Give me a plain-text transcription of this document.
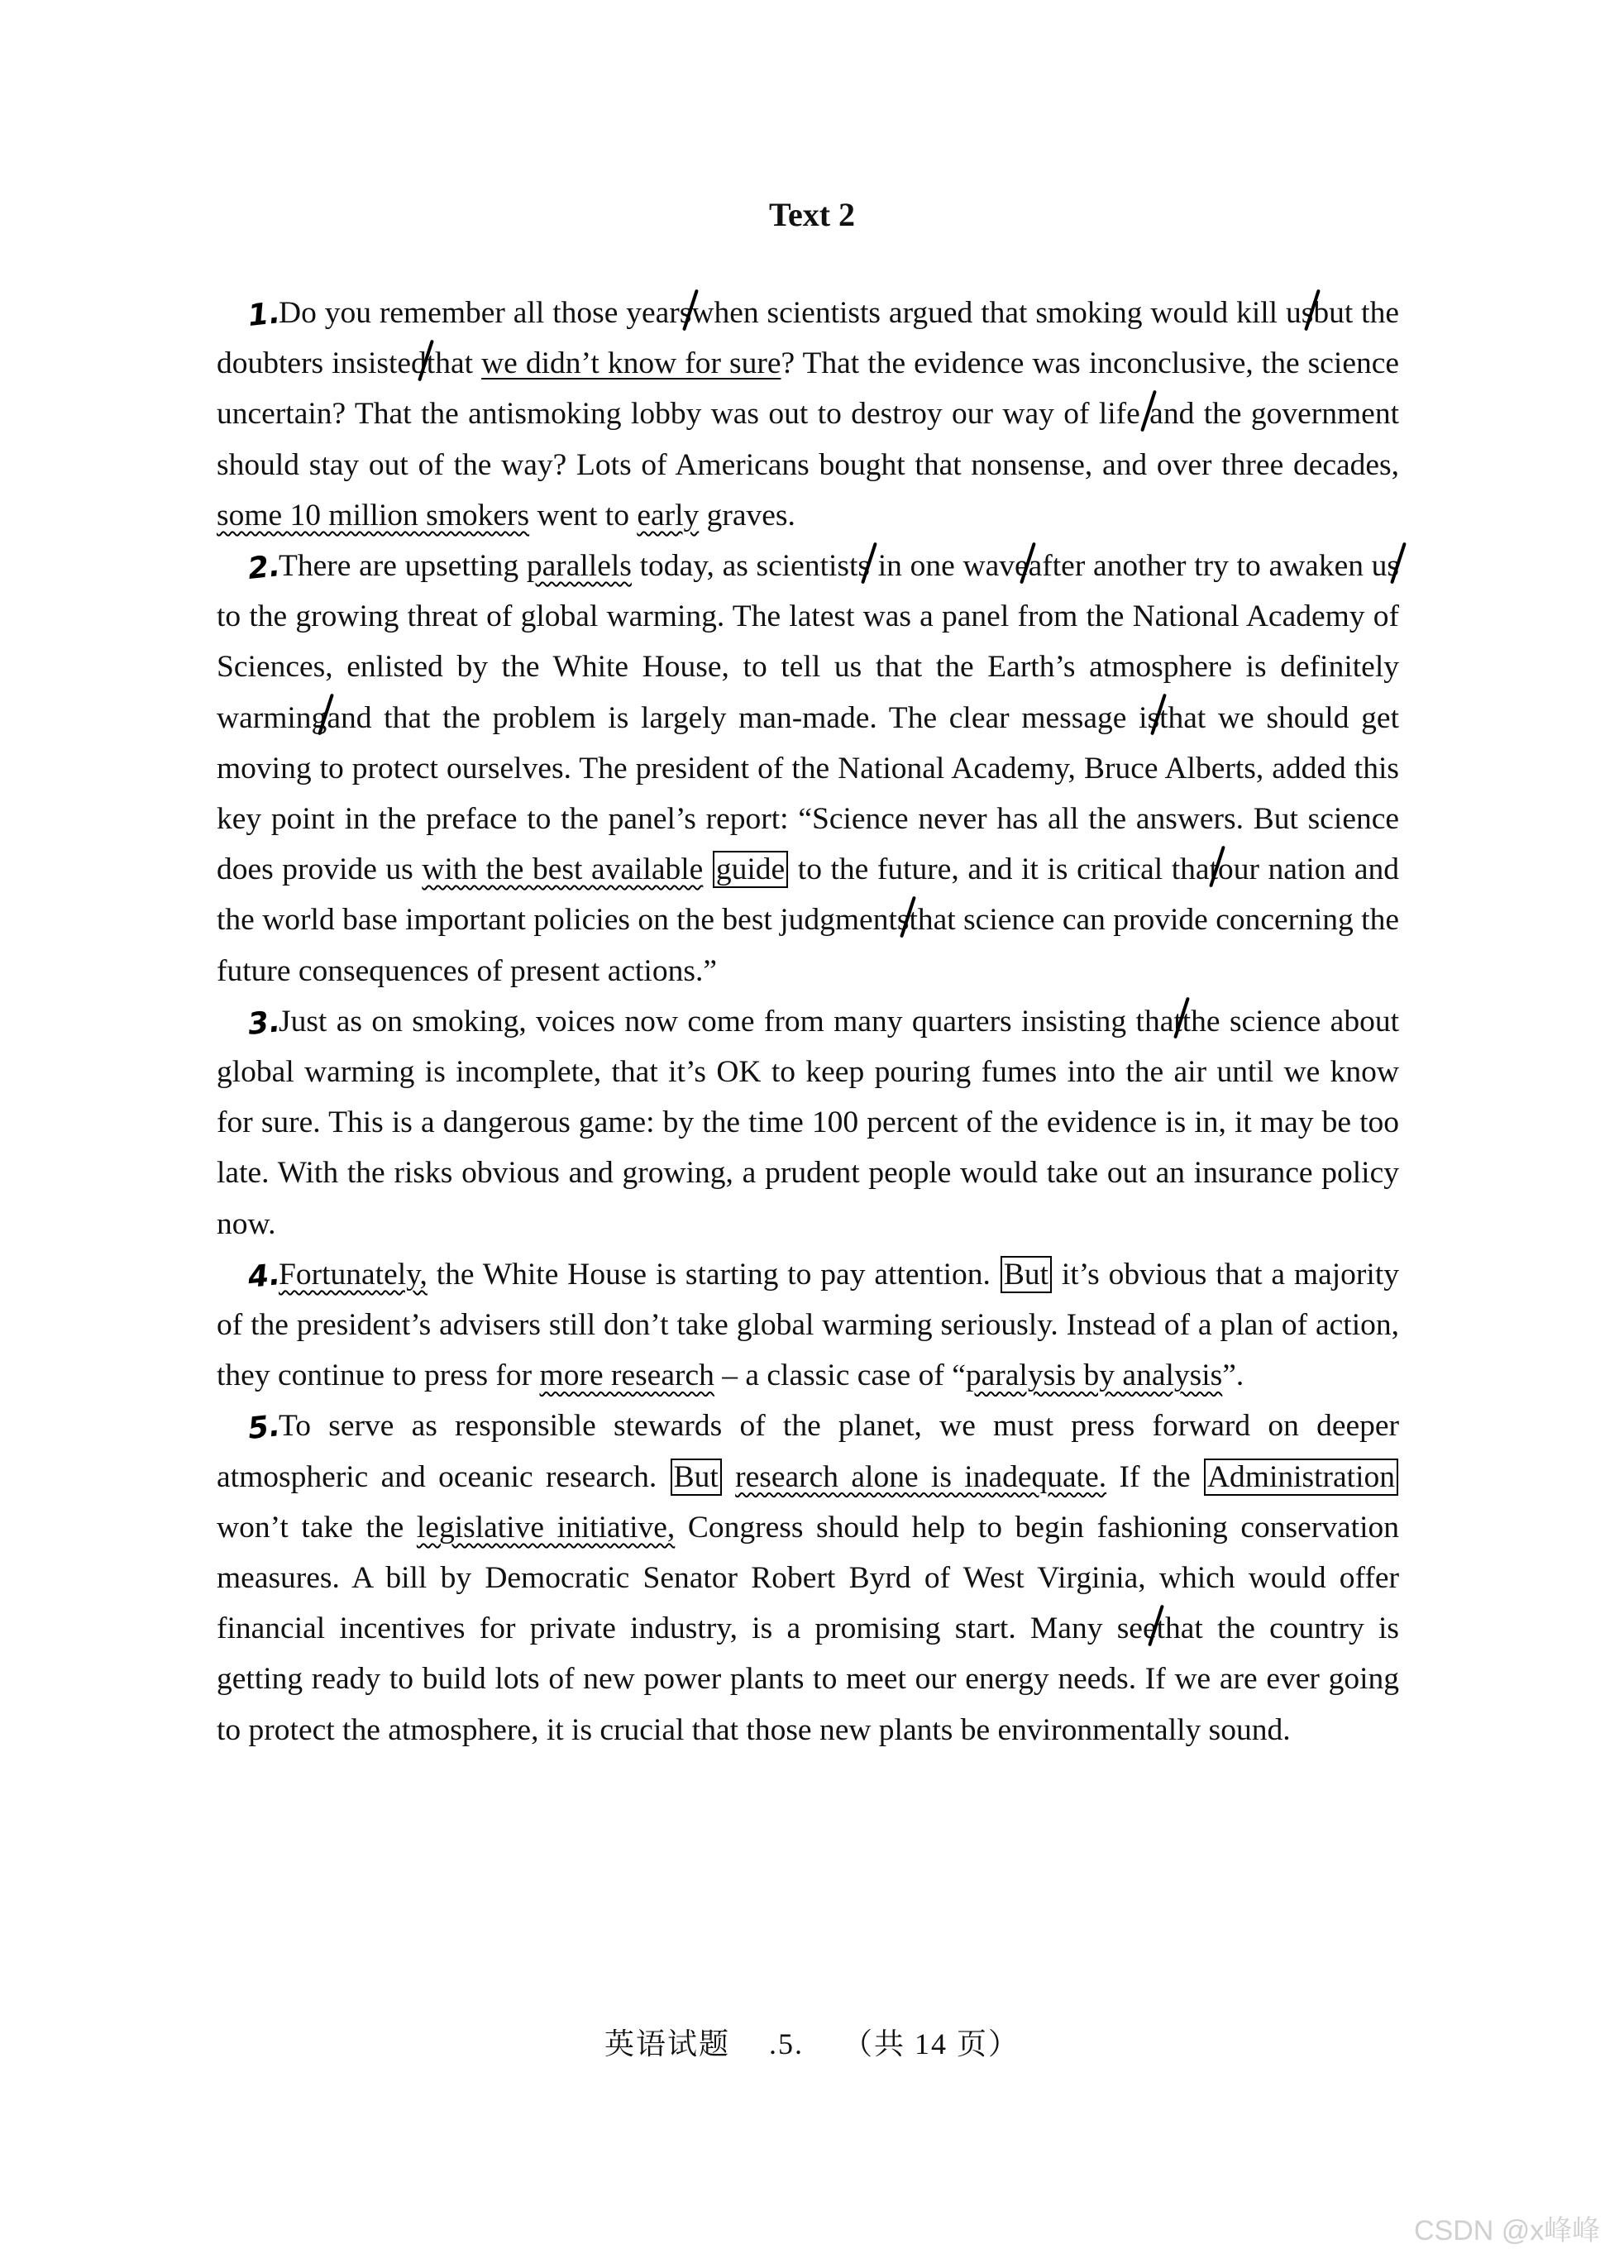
Text 2

1.
Do you remember all those yearswhen scientists argued that smoking would kill usbut the doubters insistedthat we didn’t know for sure? That the evidence was inconclusive, the science uncertain? That the antismoking lobby was out to destroy our way of life and the government should stay out of the way? Lots of Americans bought that nonsense, and over three decades, some 10 million smokers went to early graves.

2.
There are upsetting parallels today, as scientists in one waveafter another try to awaken usto the growing threat of global warming. The latest was a panel from the National Academy of Sciences, enlisted by the White House, to tell us that the Earth’s atmosphere is definitely warmingand that the problem is largely man-made. The clear message isthat we should get moving to protect ourselves. The president of the National Academy, Bruce Alberts, added this key point in the preface to the panel’s report: “Science never has all the answers. But science does provide us with the best available guide to the future, and it is critical thatour nation and the world base important policies on the best judgmentsthat science can provide concerning the future consequences of present actions.”

3.
Just as on smoking, voices now come from many quarters insisting thatthe science about global warming is incomplete, that it’s OK to keep pouring fumes into the air until we know for sure. This is a dangerous game: by the time 100 percent of the evidence is in, it may be too late. With the risks obvious and growing, a prudent people would take out an insurance policy now.

4.
Fortunately, the White House is starting to pay attention. But it’s obvious that a majority of the president’s advisers still don’t take global warming seriously. Instead of a plan of action, they continue to press for more research – a classic case of “paralysis by analysis”.

5.
To serve as responsible stewards of the planet, we must press forward on deeper atmospheric and oceanic research. But research alone is inadequate. If the Administration won’t take the legislative initiative, Congress should help to begin fashioning conservation measures. A bill by Democratic Senator Robert Byrd of West Virginia, which would offer financial incentives for private industry, is a promising start. Many seethat the country is getting ready to build lots of new power plants to meet our energy needs. If we are ever going to protect the atmosphere, it is crucial that those new plants be environmentally sound.

英语试题 .5. （共 14 页）
CSDN @x峰峰
